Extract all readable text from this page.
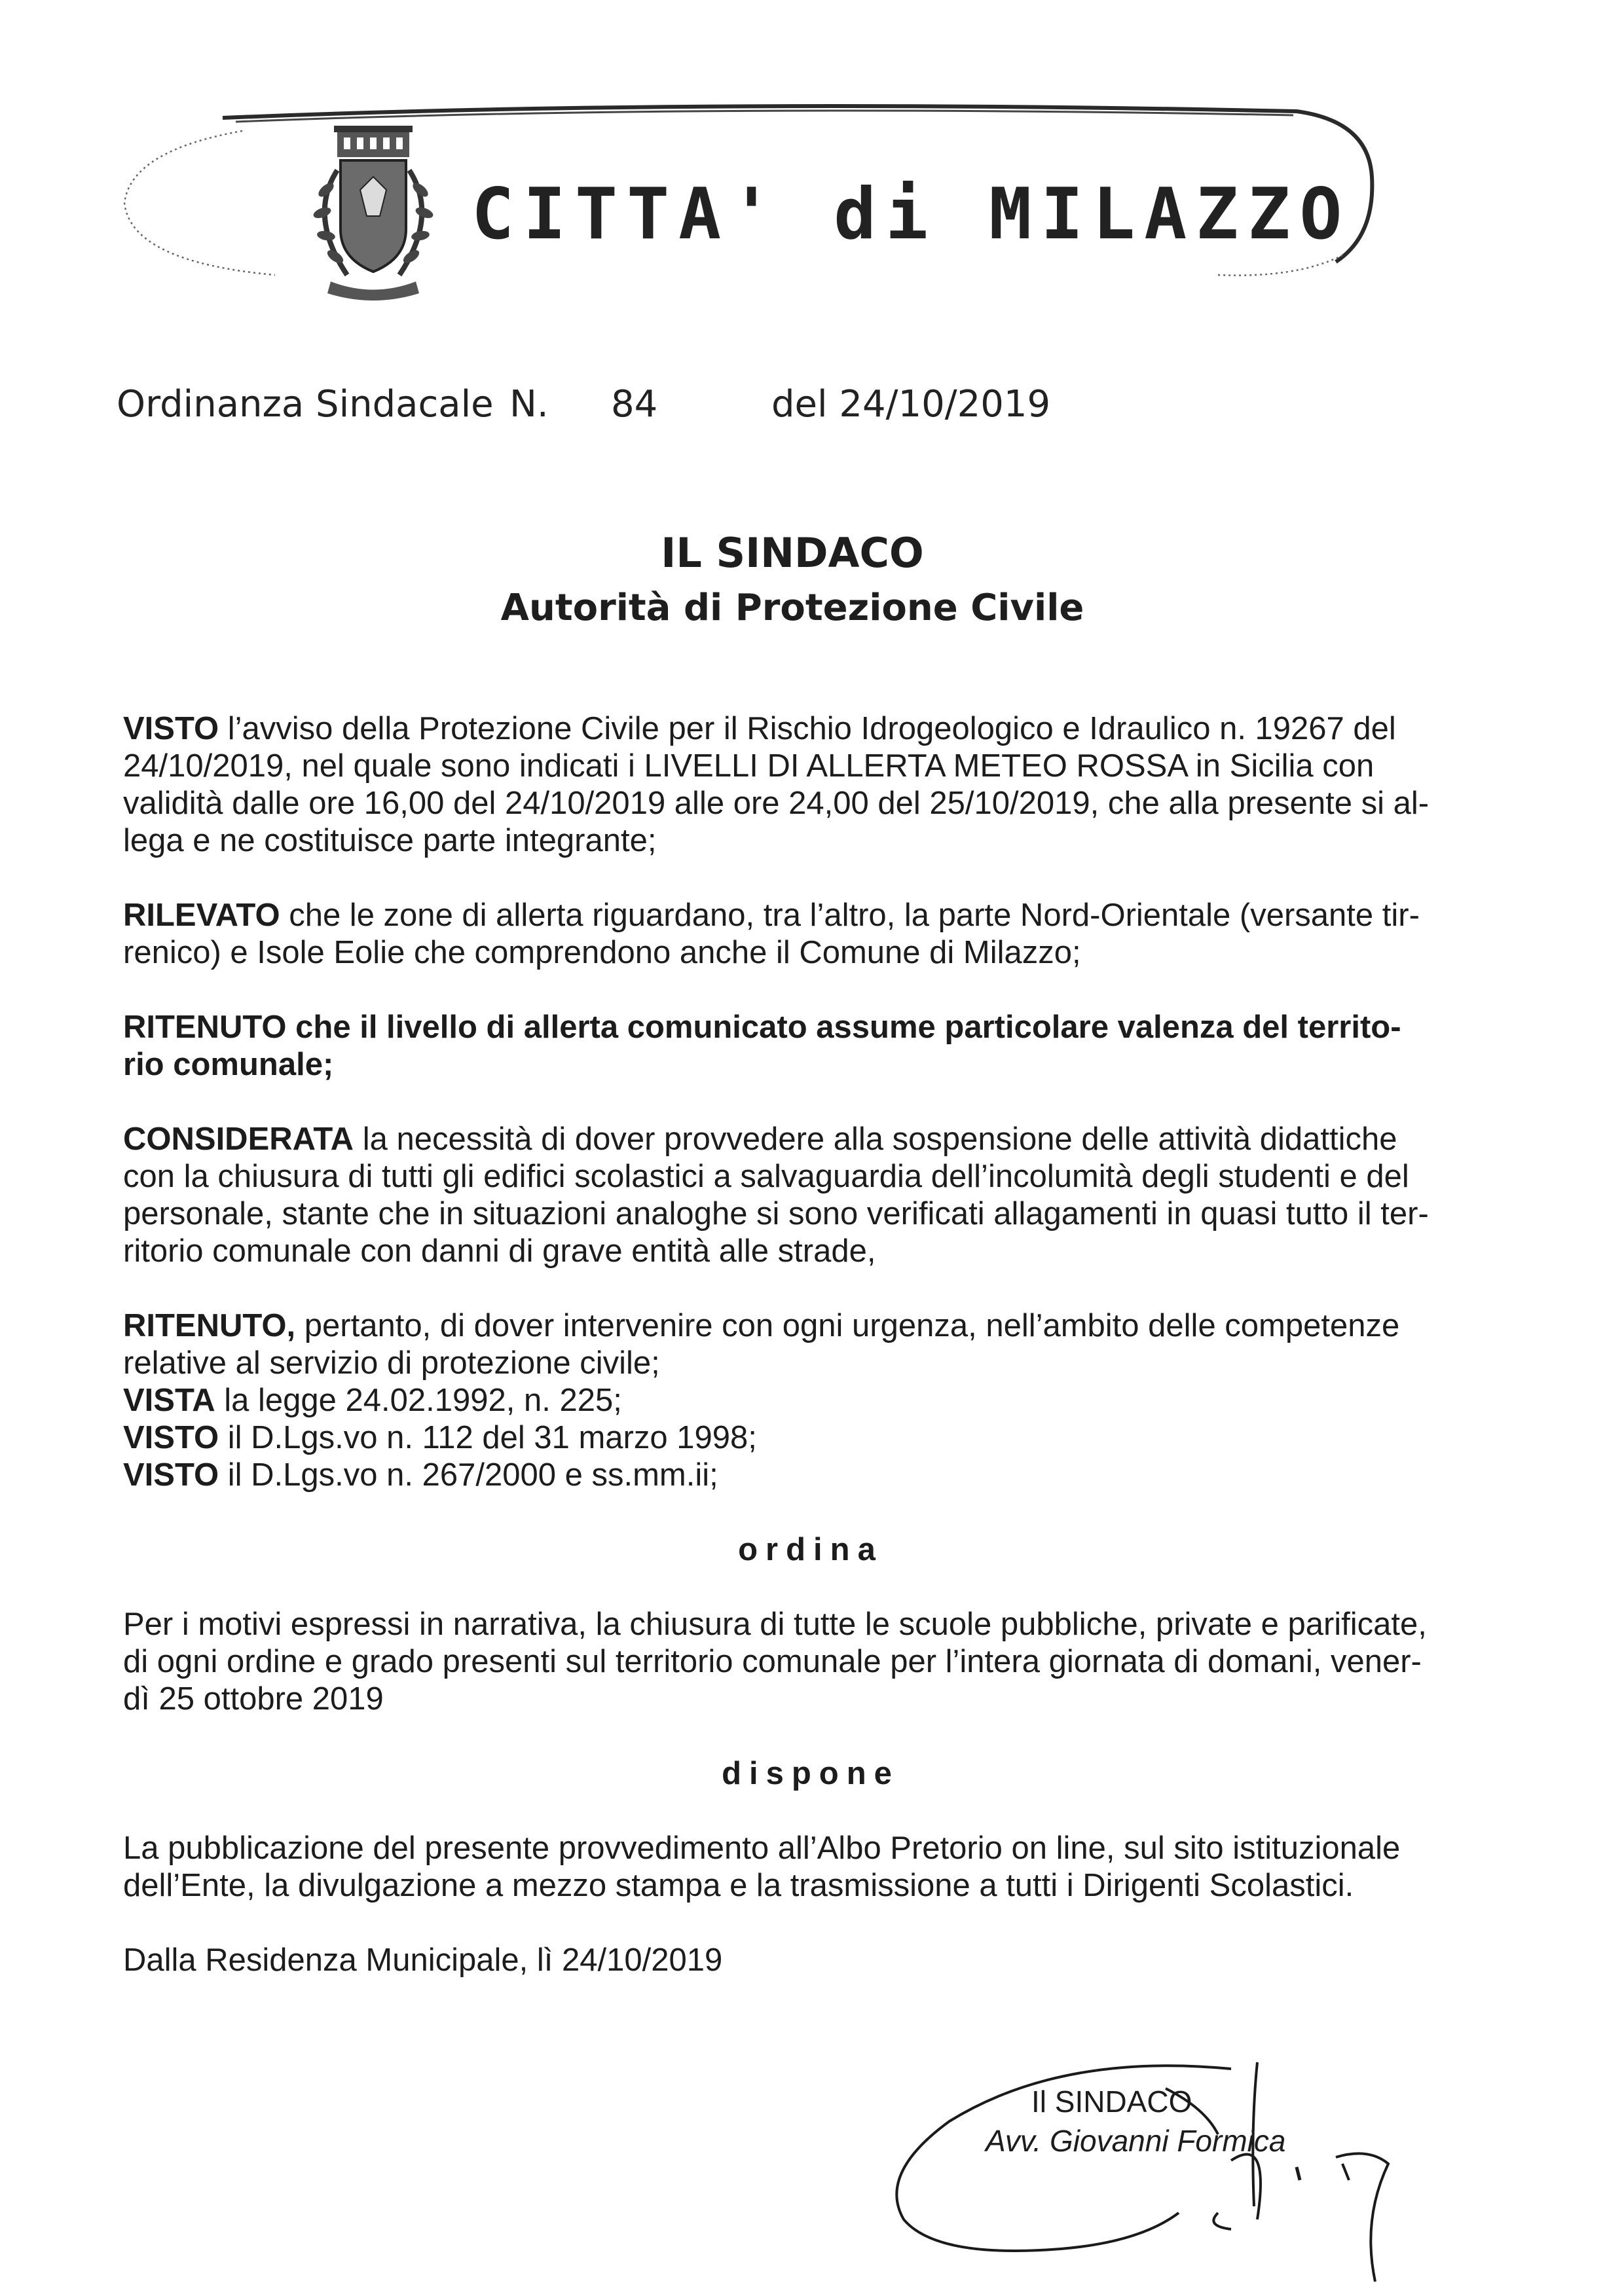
CITTA' di MILAZZO
Ordinanza Sindacale N. 84	del 24/10/2019
IL SINDACO
Autorità di Protezione Civile
VISTO l’avviso della Protezione Civile per il Rischio Idrogeologico e Idraulico n. 19267 del
24/10/2019, nel quale sono indicati i LIVELLI DI ALLERTA METEO ROSSA in Sicilia con
validità dalle ore 16,00 del 24/10/2019 alle ore 24,00 del 25/10/2019, che alla presente si al-
lega e ne costituisce parte integrante;
RILEVATO che le zone di allerta riguardano, tra l’altro, la parte Nord-Orientale (versante tir-
renico) e Isole Eolie che comprendono anche il Comune di Milazzo;
RITENUTO che il livello di allerta comunicato assume particolare valenza del territo-
rio comunale;
CONSIDERATA la necessità di dover provvedere alla sospensione delle attività didattiche
con la chiusura di tutti gli edifici scolastici a salvaguardia dell’incolumità degli studenti e del
personale, stante che in situazioni analoghe si sono verificati allagamenti in quasi tutto il ter-
ritorio comunale con danni di grave entità alle strade,
RITENUTO, pertanto, di dover intervenire con ogni urgenza, nell’ambito delle competenze
relative al servizio di protezione civile;
VISTA la legge 24.02.1992, n. 225;
VISTO il D.Lgs.vo n. 112 del 31 marzo 1998;
VISTO il D.Lgs.vo n. 267/2000 e ss.mm.ii;
ordina
Per i motivi espressi in narrativa, la chiusura di tutte le scuole pubbliche, private e parificate,
di ogni ordine e grado presenti sul territorio comunale per l’intera giornata di domani, vener-
dì 25 ottobre 2019
dispone
La pubblicazione del presente provvedimento all’Albo Pretorio on line, sul sito istituzionale
dell’Ente, la divulgazione a mezzo stampa e la trasmissione a tutti i Dirigenti Scolastici.
Dalla Residenza Municipale, lì 24/10/2019
Il SINDACO
Avv. Giovanni Formica
